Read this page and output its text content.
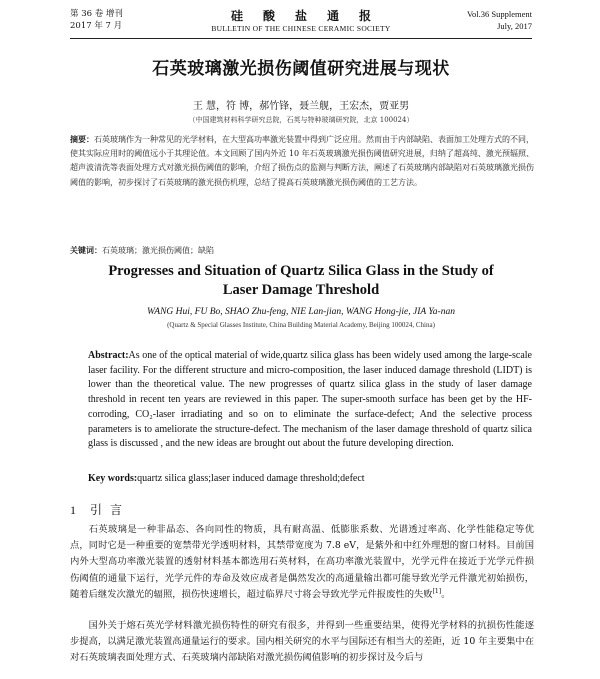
第 36 卷 增刊
2017 年 7 月
硅酸盐通报
BULLETIN OF THE CHINESE CERAMIC SOCIETY
Vol.36 Supplement
July, 2017
石英玻璃激光损伤阈值研究进展与现状
王 慧，符 博，郝竹锋，聂兰舰，王宏杰，贾亚男
（中国建筑材料科学研究总院，石英与特种玻璃研究院，北京 100024）
摘要：石英玻璃作为一种常见的光学材料，在大型高功率激光装置中得到广泛应用。然而由于内部缺陷、表面加工处理方式的不同，使其实际应用时的阈值远小于其理论值。本文回顾了国内外近 10 年石英玻璃激光损伤阈值研究进展，归纳了超高纯、激光预辐照、超声波清洗等表面处理方式对激光损伤阈值的影响，介绍了损伤点的监测与判断方法，阐述了石英玻璃内部缺陷对石英玻璃激光损伤阈值的影响，初步探讨了石英玻璃的激光损伤机理，总结了提高石英玻璃激光损伤阈值的工艺方法。
关键词：石英玻璃；激光损伤阈值；缺陷
Progresses and Situation of Quartz Silica Glass in the Study of
Laser Damage Threshold
WANG Hui, FU Bo, SHAO Zhu-feng, NIE Lan-jian, WANG Hong-jie, JIA Ya-nan
(Quartz & Special Glasses Institute, China Building Material Academy, Beijing 100024, China)
Abstract:As one of the optical material of wide,quartz silica glass has been widely used among the large-scale laser facility. For the different structure and micro-composition, the laser induced damage threshold (LIDT) is lower than the theoretical value. The new progresses of quartz silica glass in the study of laser damage threshold in recent ten years are reviewed in this paper. The super-smooth surface has been get by the HF-corroding, CO₂-laser irradiating and so on to eliminate the surface-defect; And the selective process parameters is to ameliorate the structure-defect. The mechanism of the laser damage threshold of quartz silica glass is discussed , and the new ideas are brought out about the future developing direction.
Key words:quartz silica glass;laser induced damage threshold;defect
1 引言
石英玻璃是一种非晶态、各向同性的物质，具有耐高温、低膨胀系数、光谱透过率高、化学性能稳定等优点，同时它是一种重要的宽禁带光学透明材料，其禁带宽度为 7.8 eV，是紫外和中红外理想的窗口材料。目前国内外大型高功率激光装置的透射材料基本都选用石英材料，在高功率激光装置中，光学元件在接近于光学元件损伤阈值的通量下运行，光学元件的寿命及效应成者是偶然发次的高通量输出都可能导致光学元件激光初始损伤，随着后继发次激光的辐照，损伤快速增长，超过临界尺寸将会导致光学元件报废性的失败[1]。
国外关于熔石英光学材料激光损伤特性的研究有很多，并得到一些重要结果，使得光学材料的抗损伤性能逐步提高，以满足激光装置高通量运行的要求。国内相关研究的水平与国际还有相当大的差距，近 10 年主要集中在对石英玻璃表面处理方式、石英玻璃内部缺陷对激光损伤阈值影响的初步探讨及今后与
